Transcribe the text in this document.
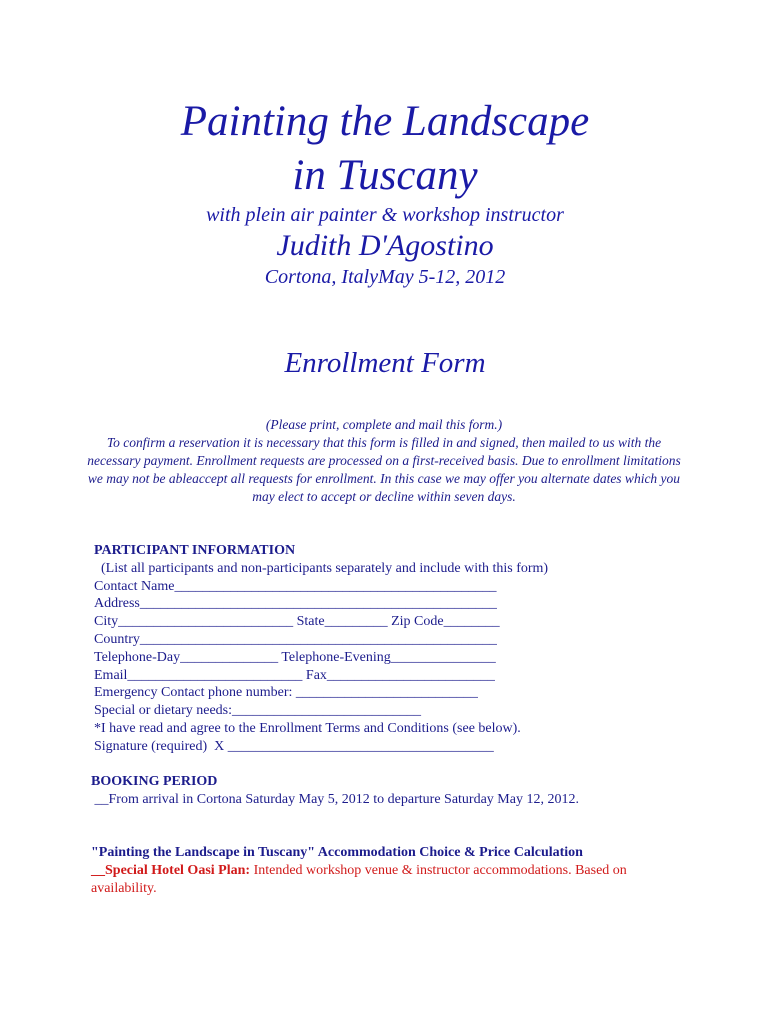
Painting the Landscape
in Tuscany
with plein air painter & workshop instructor
Judith D'Agostino
Cortona, ItalyMay 5-12, 2012
Enrollment Form
(Please print, complete and mail this form.)
To confirm a reservation it is necessary that this form is filled in and signed, then mailed to us with the necessary payment. Enrollment requests are processed on a first-received basis. Due to enrollment limitations we may not be ableaccept all requests for enrollment. In this case we may offer you alternate dates which you may elect to accept or decline within seven days.
PARTICIPANT INFORMATION
(List all participants and non-participants separately and include with this form)
Contact Name______________________________________________
Address___________________________________________________
City_________________________ State_________ Zip Code________
Country___________________________________________________
Telephone-Day______________ Telephone-Evening_______________
Email_________________________ Fax________________________
Emergency Contact phone number: __________________________
Special or dietary needs:___________________________
*I have read and agree to the Enrollment Terms and Conditions (see below).
Signature (required)  X ______________________________________
BOOKING PERIOD
__From arrival in Cortona Saturday May 5, 2012 to departure Saturday May 12, 2012.
"Painting the Landscape in Tuscany" Accommodation Choice & Price Calculation
__Special Hotel Oasi Plan: Intended workshop venue & instructor accommodations. Based on availability.
